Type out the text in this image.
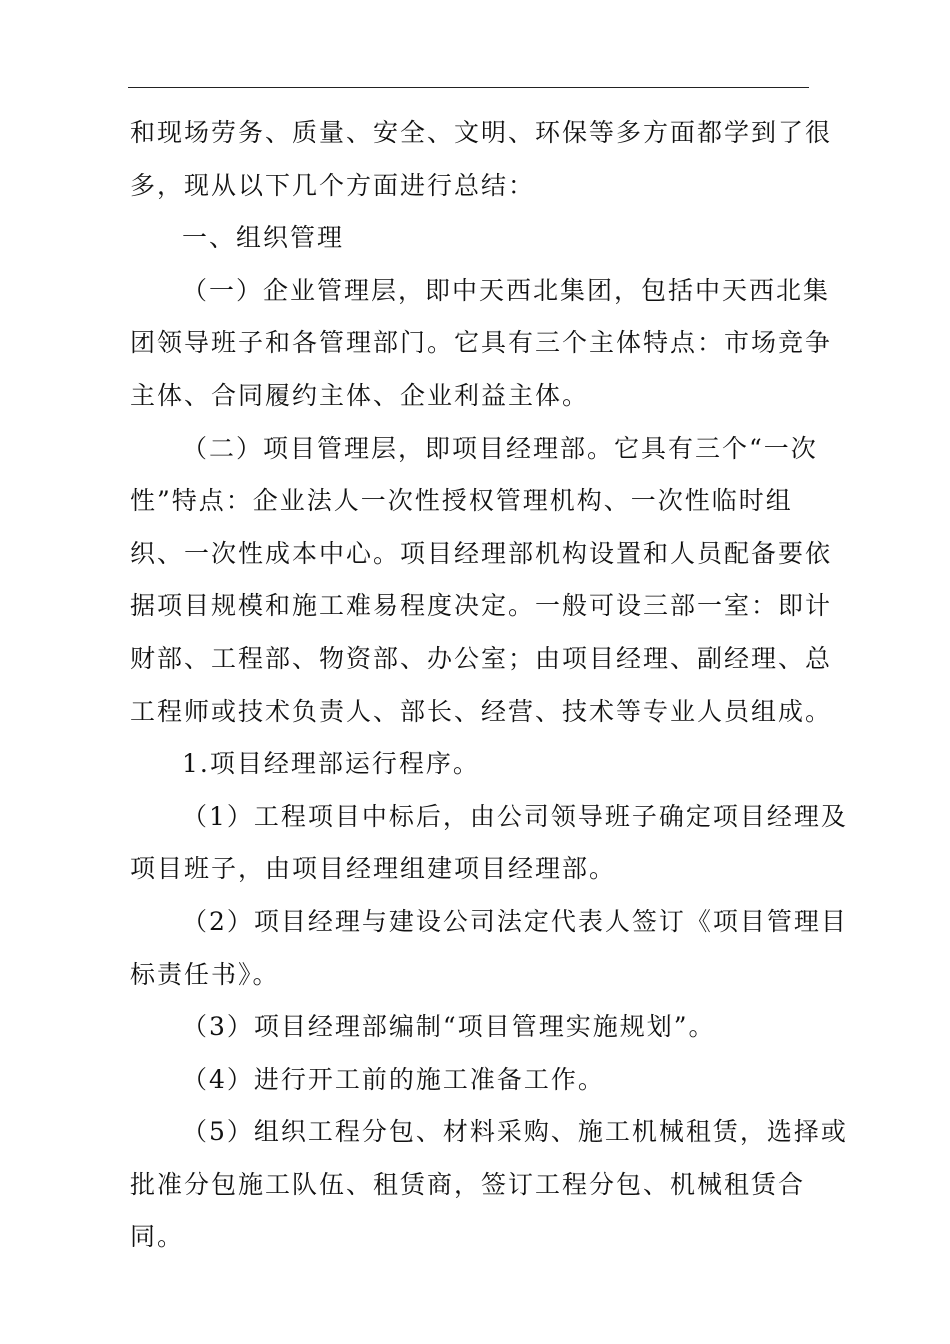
和现场劳务、质量、安全、文明、环保等多方面都学到了很
多，现从以下几个方面进行总结：
一、组织管理
（一）企业管理层，即中天西北集团，包括中天西北集
团领导班子和各管理部门。它具有三个主体特点：市场竞争
主体、合同履约主体、企业利益主体。
（二）项目管理层，即项目经理部。它具有三个“一次
性”特点：企业法人一次性授权管理机构、一次性临时组
织、一次性成本中心。项目经理部机构设置和人员配备要依
据项目规模和施工难易程度决定。一般可设三部一室：即计
财部、工程部、物资部、办公室；由项目经理、副经理、总
工程师或技术负责人、部长、经营、技术等专业人员组成。
1.项目经理部运行程序。
（1）工程项目中标后，由公司领导班子确定项目经理及
项目班子，由项目经理组建项目经理部。
（2）项目经理与建设公司法定代表人签订《项目管理目
标责任书》。
（3）项目经理部编制“项目管理实施规划”。
（4）进行开工前的施工准备工作。
（5）组织工程分包、材料采购、施工机械租赁，选择或
批准分包施工队伍、租赁商，签订工程分包、机械租赁合
同。
